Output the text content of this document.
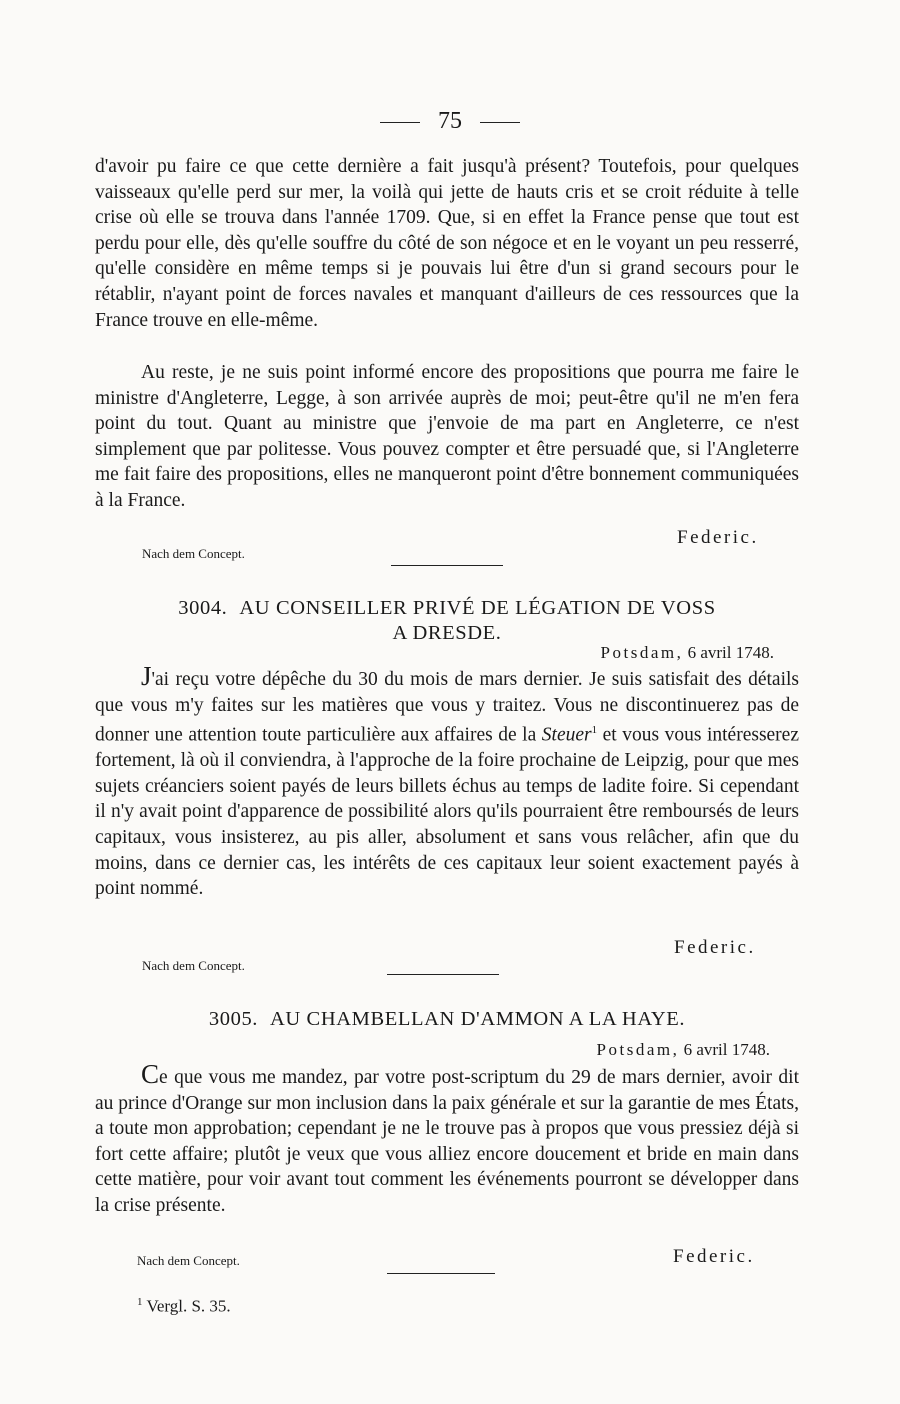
75

d'avoir pu faire ce que cette dernière a fait jusqu'à présent? Toutefois, pour quelques vaisseaux qu'elle perd sur mer, la voilà qui jette de hauts cris et se croit réduite à telle crise où elle se trouva dans l'année 1709. Que, si en effet la France pense que tout est perdu pour elle, dès qu'elle souffre du côté de son négoce et en le voyant un peu resserré, qu'elle considère en même temps si je pouvais lui être d'un si grand secours pour le rétablir, n'ayant point de forces navales et manquant d'ailleurs de ces ressources que la France trouve en elle-même.

Au reste, je ne suis point informé encore des propositions que pourra me faire le ministre d'Angleterre, Legge, à son arrivée auprès de moi; peut-être qu'il ne m'en fera point du tout. Quant au ministre que j'envoie de ma part en Angleterre, ce n'est simplement que par politesse. Vous pouvez compter et être persuadé que, si l'Angleterre me fait faire des propositions, elles ne manqueront point d'être bonnement communiquées à la France.

Federic.
Nach dem Concept.
3004. AU CONSEILLER PRIVÉ DE LÉGATION DE VOSS
A DRESDE.
Potsdam, 6 avril 1748.

J'ai reçu votre dépêche du 30 du mois de mars dernier. Je suis satisfait des détails que vous m'y faites sur les matières que vous y traitez. Vous ne discontinuerez pas de donner une attention toute particulière aux affaires de la Steuer$^1$ et vous vous intéresserez fortement, là où il conviendra, à l'approche de la foire prochaine de Leipzig, pour que mes sujets créanciers soient payés de leurs billets échus au temps de ladite foire. Si cependant il n'y avait point d'apparence de possibilité alors qu'ils pourraient être remboursés de leurs capitaux, vous insisterez, au pis aller, absolument et sans vous relâcher, afin que du moins, dans ce dernier cas, les intérêts de ces capitaux leur soient exactement payés à point nommé.

Federic.
Nach dem Concept.
3005. AU CHAMBELLAN D'AMMON A LA HAYE.
Potsdam, 6 avril 1748.

Ce que vous me mandez, par votre post-scriptum du 29 de mars dernier, avoir dit au prince d'Orange sur mon inclusion dans la paix générale et sur la garantie de mes États, a toute mon approbation; cependant je ne le trouve pas à propos que vous pressiez déjà si fort cette affaire; plutôt je veux que vous alliez encore doucement et bride en main dans cette matière, pour voir avant tout comment les événements pourront se développer dans la crise présente.

Federic.
Nach dem Concept.
$^1$ Vergl. S. 35.
